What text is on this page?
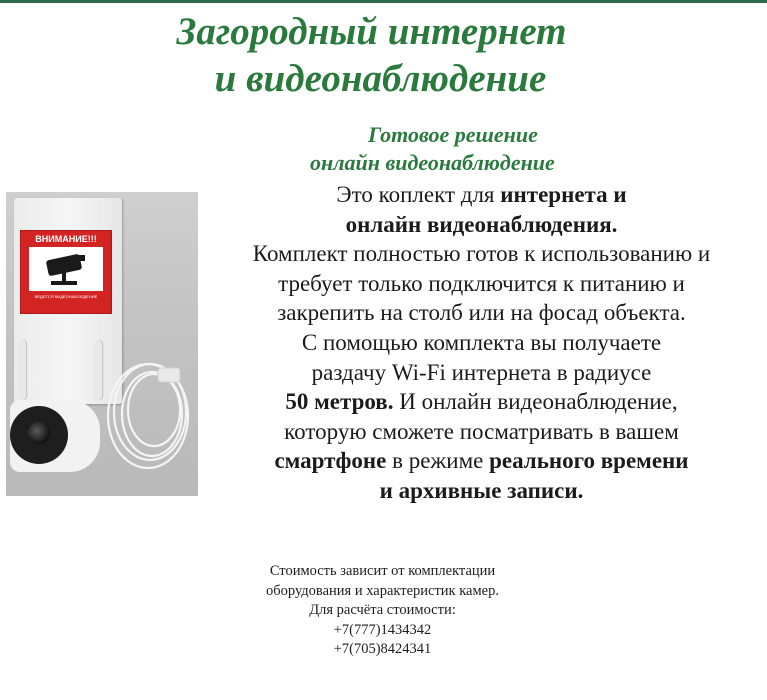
Загородный интернет
и видеонаблюдение
Готовое решение
онлайн видеонаблюдение
ВНИМАНИЕ!!!
ВЕДЕТСЯ ВИДЕОНАБЛЮДЕНИЕ

Это коплект для интернета и

онлайн видеонаблюдения.

Комплект полностью готов к использованию и

требует только подключится к питанию и

закрепить на столб или на фосад объекта.

С помощью комплекта вы получаете

раздачу Wi-Fi интернета в радиусе

50 метров. И онлайн видеонаблюдение,

которую сможете посматривать в вашем

смартфоне в режиме реального времени

и архивные записи.

Стоимость зависит от комплектации

оборудования и характеристик камер.

Для расчёта стоимости:

+7(777)1434342

+7(705)8424341
